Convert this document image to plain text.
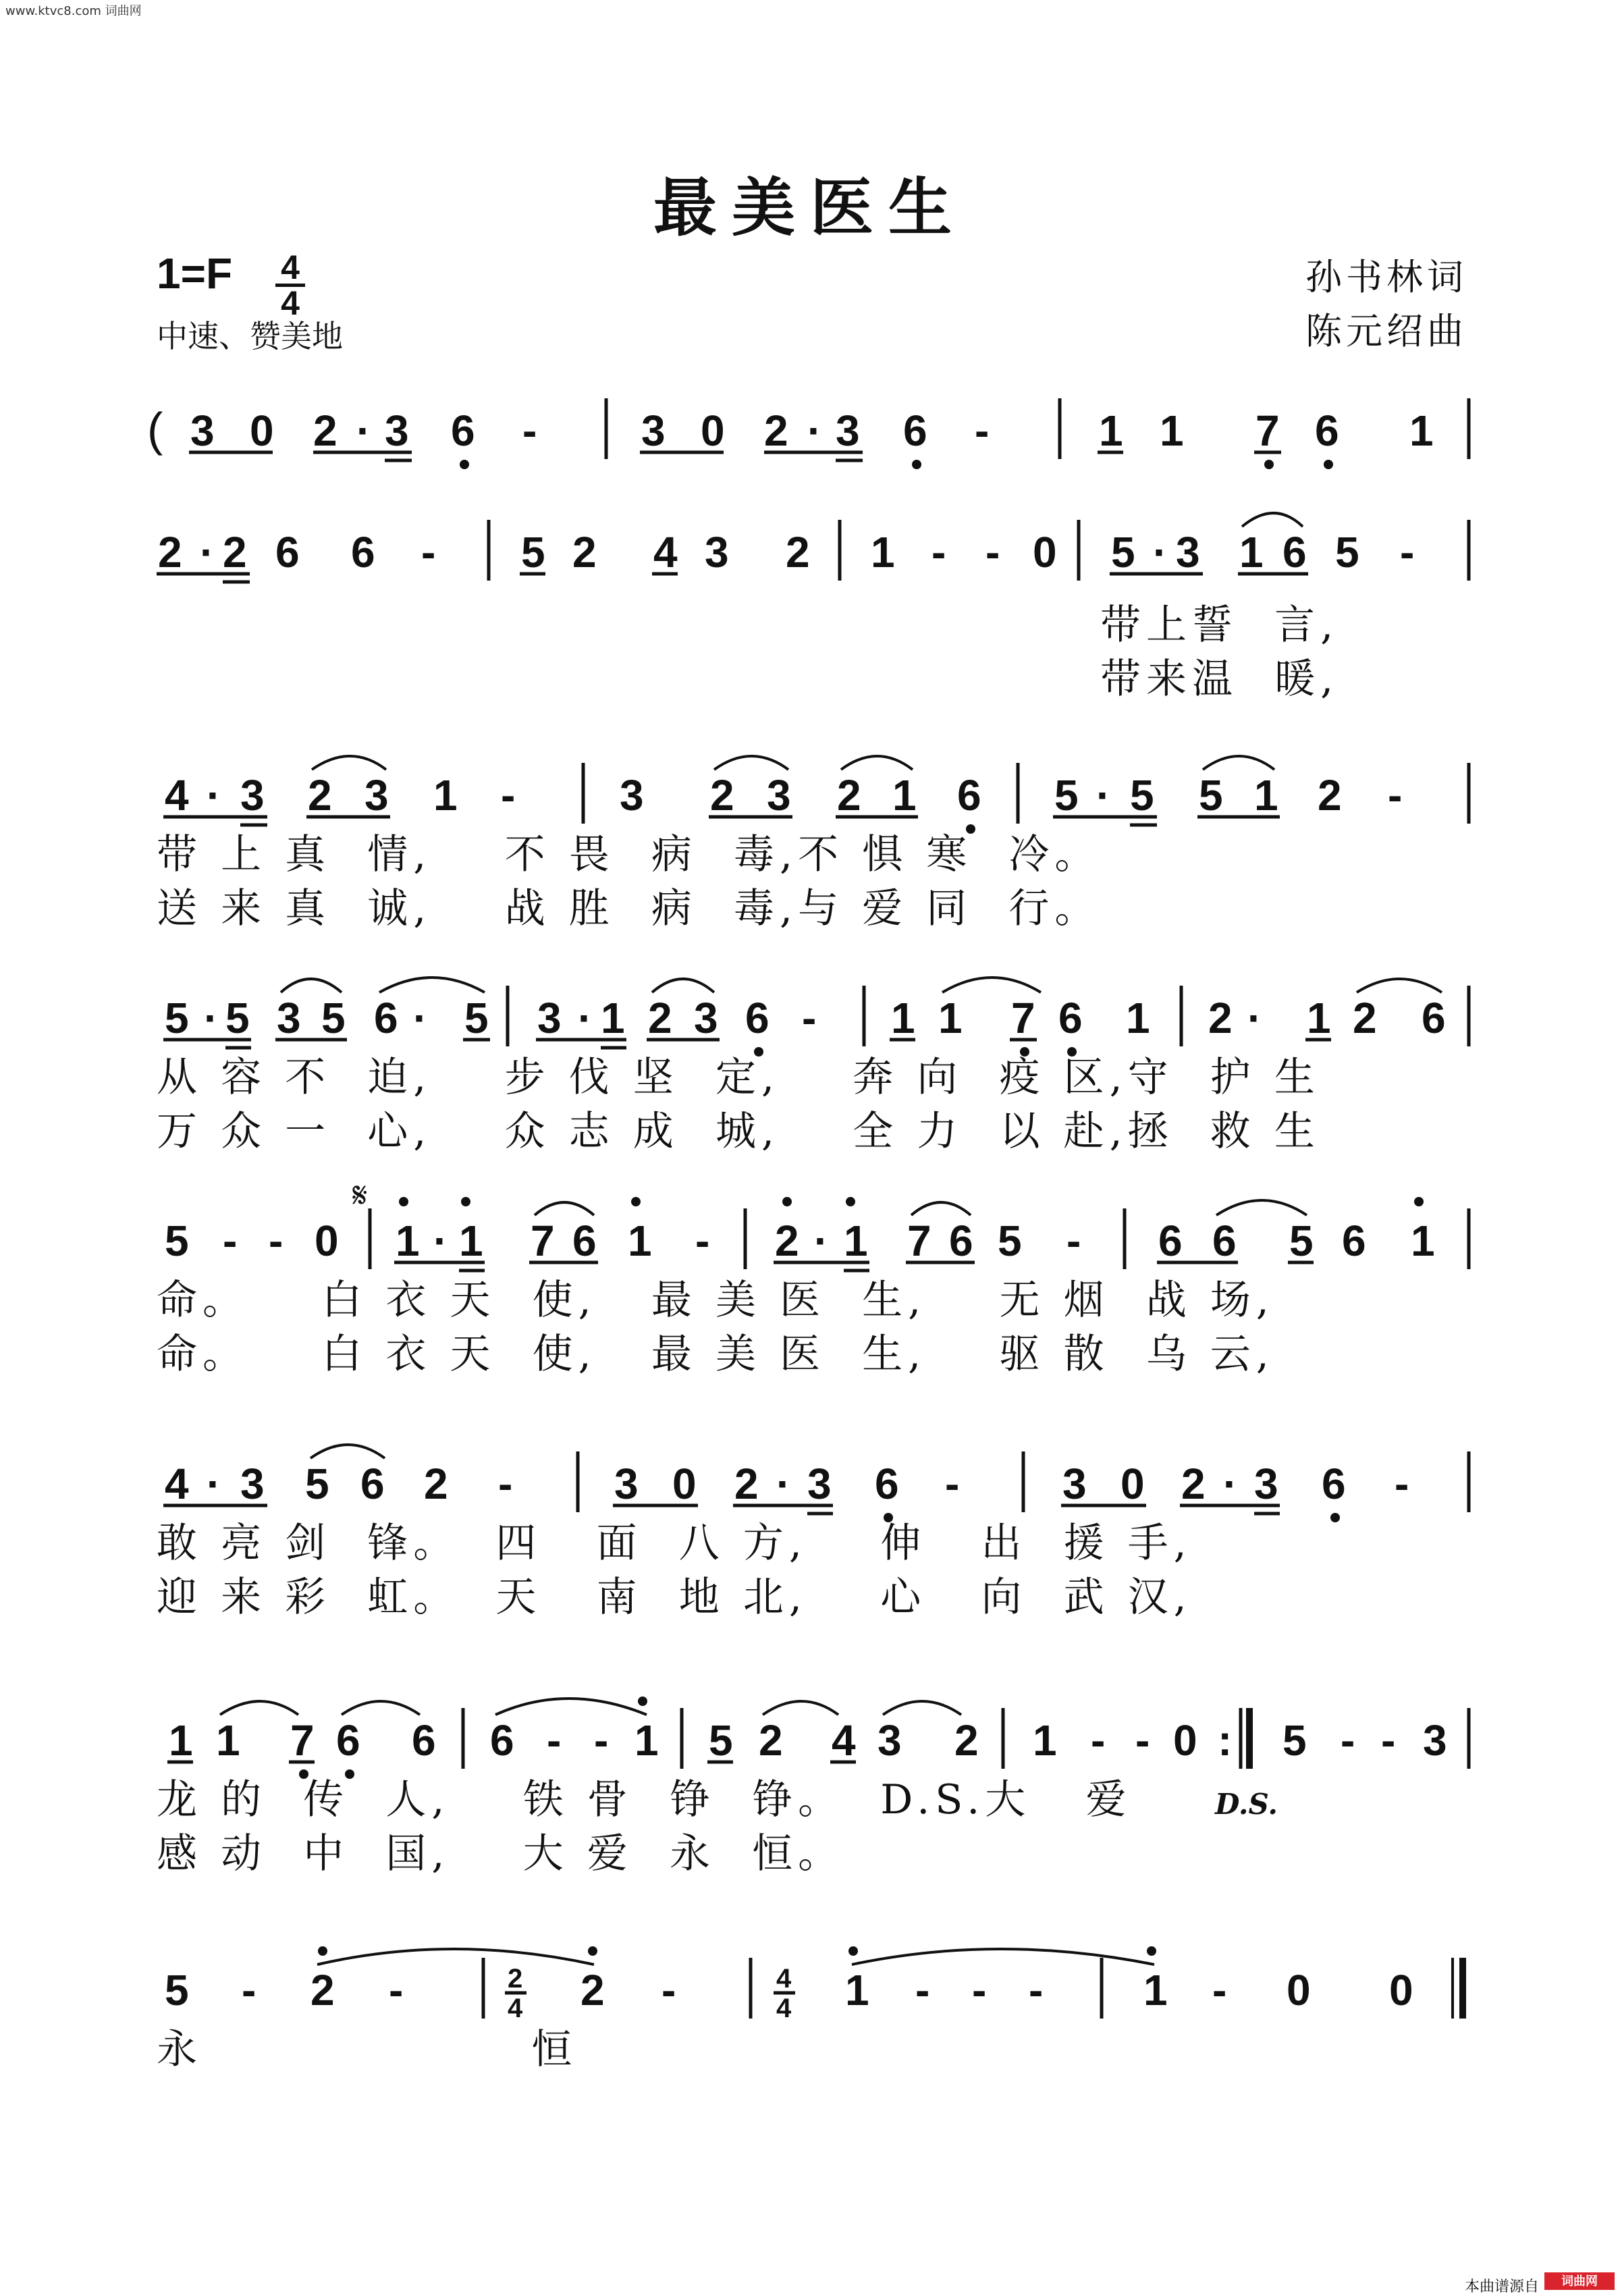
www.ktvc8.com 词曲网
最美医生
$1=F \frac{4}{4}$
中速、赞美地
孙书林词
陈元绍曲
( 3 0 2 · 3 6 - 3 0 2 · 3 6 -	1 1 7 6 1
2 · 2 6 6 - 5 2 4 3 2 1 - - 0 5 · 3 1 6 5 -
带上誓  言,
带来温  暖,
4 · 3 2 3 1 - 3 2 3 2 1 6 5 · 5 5 1 2 -
带 上 真  情,    不 畏  病  毒,不 惧 寒  冷。
送 来 真  诚,    战 胜  病  毒,与 爱 同  行。
5 · 5 3 5 6 · 5 3 · 1 2 3 6 - 1 1 7 6 1 2 · 1 2 6
从 容 不  迫,    步 伐 坚  定,    奔 向  疫 区,守  护 生
万 众 一  心,    众 志 成  城,    全 力  以 赴,拯  救 生
𝄋
5 - - 0 1 · 1 7 6 1 - 2 · 1 7 6 5 - 6 6 5 6 1
命。    白 衣 天  使,   最 美 医  生,    无 烟  战 场,
命。    白 衣 天  使,   最 美 医  生,    驱 散  乌 云,
4 · 3 5 6 2 - 3 0 2 · 3 6 - 3 0 2 · 3 6 -
敢 亮 剑  锋。  四   面  八 方,    伸   出  援 手,
迎 来 彩  虹。  天   南  地 北,    心   向  武 汉,
1 1 7 6 6 6 - - 1 5 2 4 3 2 1 - - 0 : 5 - - 3
龙 的  传  人,    铁 骨  铮  铮。  D.S.大   爱
感 动  中  国,    大 爱  永  恒。
5 - 2 -	2 -	1 - - - 1 - 0 0
2
4
4
4
永                  恒
D.S.
本曲谱源自	词曲网
